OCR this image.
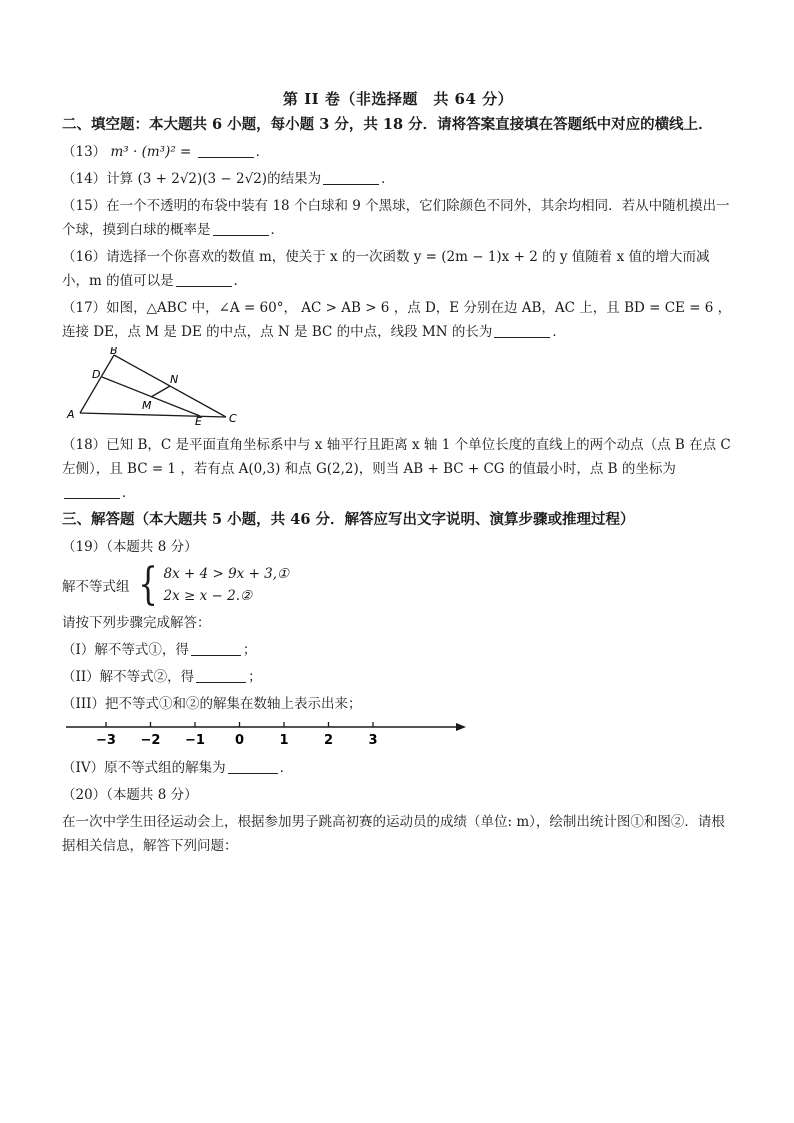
第 II 卷（非选择题　共 64 分）
二、填空题：本大题共 6 小题，每小题 3 分，共 18 分．请将答案直接填在答题纸中对应的横线上．
（13） m³ · (m³)² =	．
（14）计算 (3 + 2√2)(3 − 2√2)的结果为	．
（15）在一个不透明的布袋中装有 18 个白球和 9 个黑球，它们除颜色不同外，其余均相同．若从中随机摸出一个球，摸到白球的概率是	．
（16）请选择一个你喜欢的数值 m，使关于 x 的一次函数 y = (2m − 1)x + 2 的 y 值随着 x 值的增大而减小，m 的值可以是	．
（17）如图，△ABC 中，∠A = 60°， AC > AB > 6 ，点 D，E 分别在边 AB，AC 上，且 BD = CE = 6 ，连接 DE，点 M 是 DE 的中点，点 N 是 BC 的中点，线段 MN 的长为	．
B
D
A
N
M
E C
（18）已知 B，C 是平面直角坐标系中与 x 轴平行且距离 x 轴 1 个单位长度的直线上的两个动点（点 B 在点 C 左侧），且 BC = 1 ，若有点 A(0,3) 和点 G(2,2)，则当 AB + BC + CG 的值最小时，点 B 的坐标为
．
三、解答题（本大题共 5 小题，共 46 分．解答应写出文字说明、演算步骤或推理过程）
（19）（本题共 8 分）
解不等式组 { 8x + 4 > 9x + 3,①
2x ≥ x − 2.②
请按下列步骤完成解答：
（I）解不等式①，得	；
（II）解不等式②，得	；
（III）把不等式①和②的解集在数轴上表示出来；
−3 −2 −1 0	1	2	3
（IV）原不等式组的解集为	．
（20）（本题共 8 分）
在一次中学生田径运动会上，根据参加男子跳高初赛的运动员的成绩（单位: m），绘制出统计图①和图②．请根据相关信息，解答下列问题：
